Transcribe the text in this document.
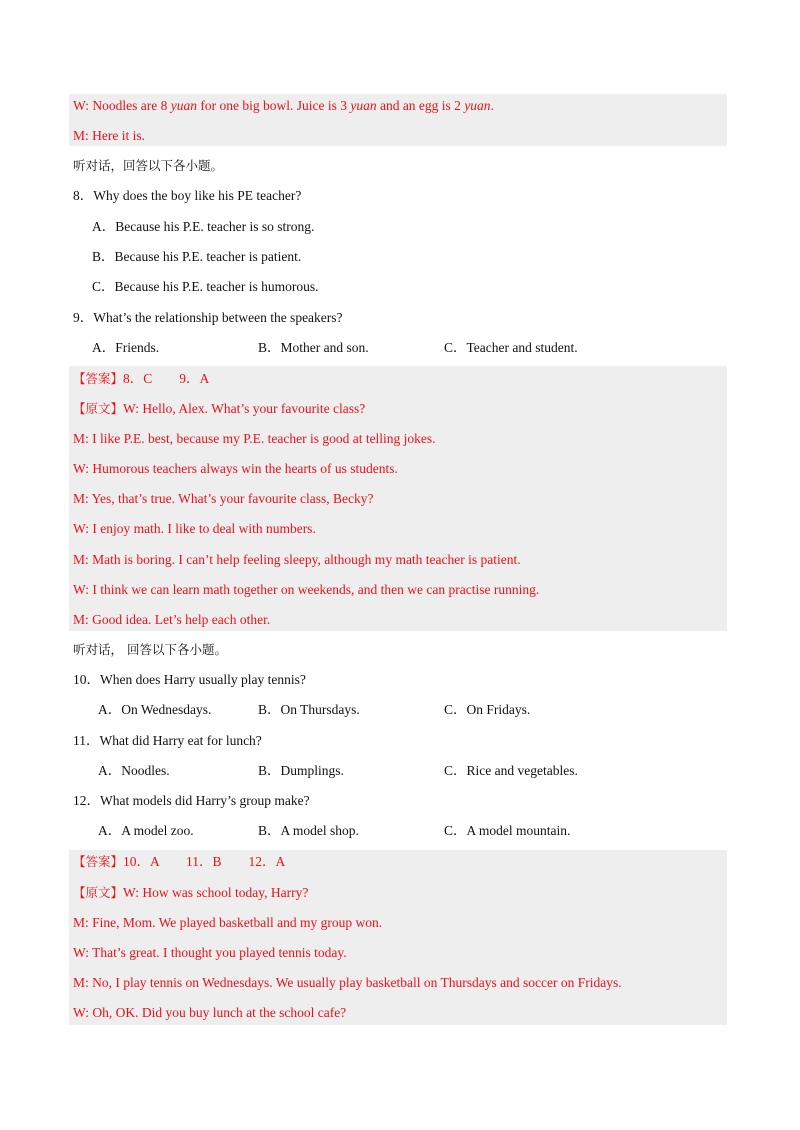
W: Noodles are 8 yuan for one big bowl. Juice is 3 yuan and an egg is 2 yuan.
M: Here it is.
听对话，回答以下各小题。
8．Why does the boy like his PE teacher?
A．Because his P.E. teacher is so strong.
B．Because his P.E. teacher is patient.
C．Because his P.E. teacher is humorous.
9．What’s the relationship between the speakers?
A．Friends.	B．Mother and son.	C．Teacher and student.
【答案】8．C　　9．A
【原文】W: Hello, Alex. What’s your favourite class?
M: I like P.E. best, because my P.E. teacher is good at telling jokes.
W: Humorous teachers always win the hearts of us students.
M: Yes, that’s true. What’s your favourite class, Becky?
W: I enjoy math. I like to deal with numbers.
M: Math is boring. I can’t help feeling sleepy, although my math teacher is patient.
W: I think we can learn math together on weekends, and then we can practise running.
M: Good idea. Let’s help each other.
听对话， 回答以下各小题。
10．When does Harry usually play tennis?
A．On Wednesdays.	B．On Thursdays.	C．On Fridays.
11．What did Harry eat for lunch?
A．Noodles.	B．Dumplings.	C．Rice and vegetables.
12．What models did Harry’s group make?
A．A model zoo.	B．A model shop.	C．A model mountain.
【答案】10．A　　11．B　　12．A
【原文】W: How was school today, Harry?
M: Fine, Mom. We played basketball and my group won.
W: That’s great. I thought you played tennis today.
M: No, I play tennis on Wednesdays. We usually play basketball on Thursdays and soccer on Fridays.
W: Oh, OK. Did you buy lunch at the school cafe?
